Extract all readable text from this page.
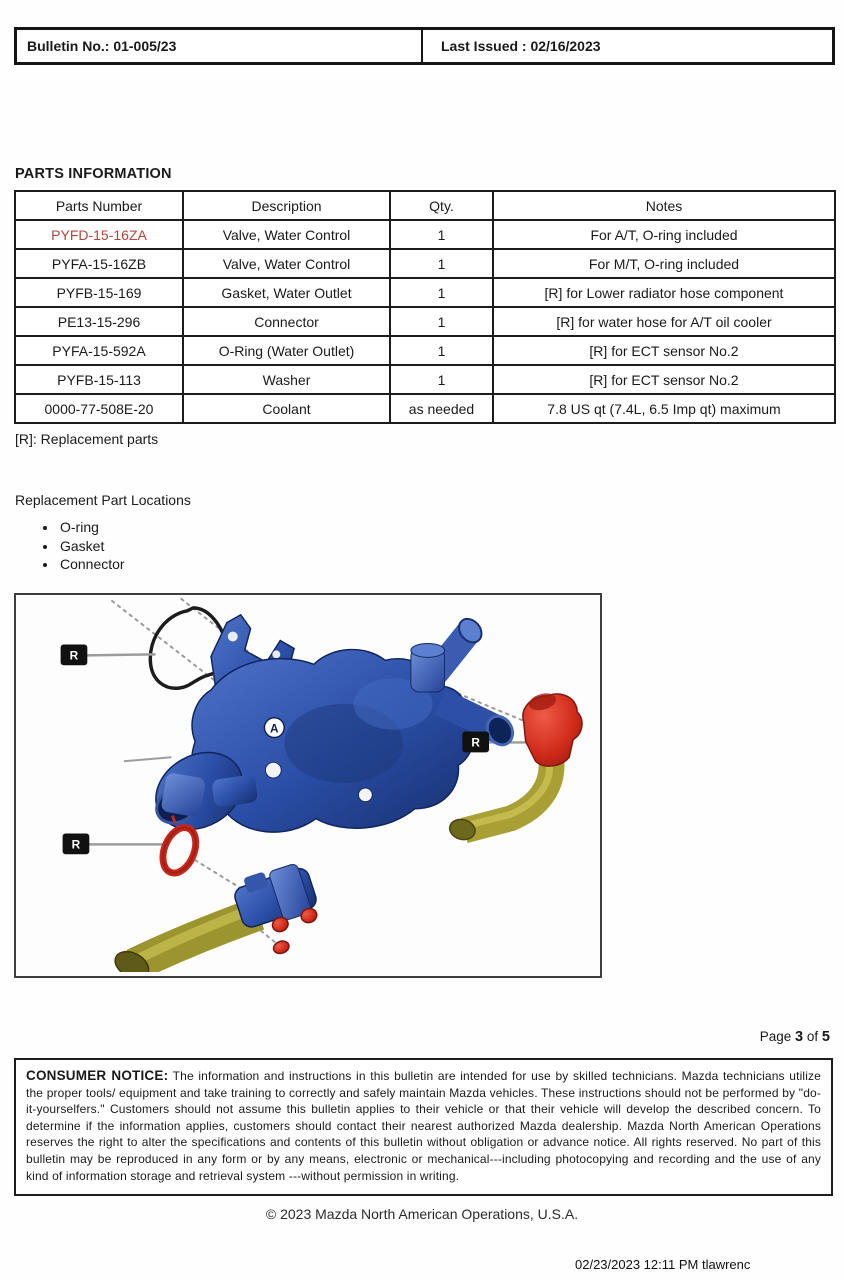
Bulletin No.: 01-005/23	Last Issued : 02/16/2023
PARTS INFORMATION
Parts Number	Description	Qty.	Notes
PYFD-15-16ZA	Valve, Water Control	1	For A/T, O-ring included
PYFA-15-16ZB	Valve, Water Control	1	For M/T, O-ring included
PYFB-15-169	Gasket, Water Outlet	1	[R] for Lower radiator hose component
PE13-15-296	Connector	1	[R] for water hose for A/T oil cooler
PYFA-15-592A	O-Ring (Water Outlet)	1	[R] for ECT sensor No.2
PYFB-15-113	Washer	1	[R] for ECT sensor No.2
0000-77-508E-20	Coolant	as needed	7.8 US qt (7.4L, 6.5 Imp qt) maximum
[R]: Replacement parts
Replacement Part Locations
• O-ring
• Gasket
• Connector
A
R
R
R
Page 3 of 5
CONSUMER NOTICE: The information and instructions in this bulletin are intended for use by skilled technicians. Mazda technicians utilize the proper tools/ equipment and take training to correctly and safely maintain Mazda vehicles. These instructions should not be performed by "do-it-yourselfers." Customers should not assume this bulletin applies to their vehicle or that their vehicle will develop the described concern. To determine if the information applies, customers should contact their nearest authorized Mazda dealership. Mazda North American Operations reserves the right to alter the specifications and contents of this bulletin without obligation or advance notice. All rights reserved. No part of this bulletin may be reproduced in any form or by any means, electronic or mechanical---including photocopying and recording and the use of any kind of information storage and retrieval system ---without permission in writing.
© 2023 Mazda North American Operations, U.S.A.
02/23/2023 12:11 PM tlawrenc
